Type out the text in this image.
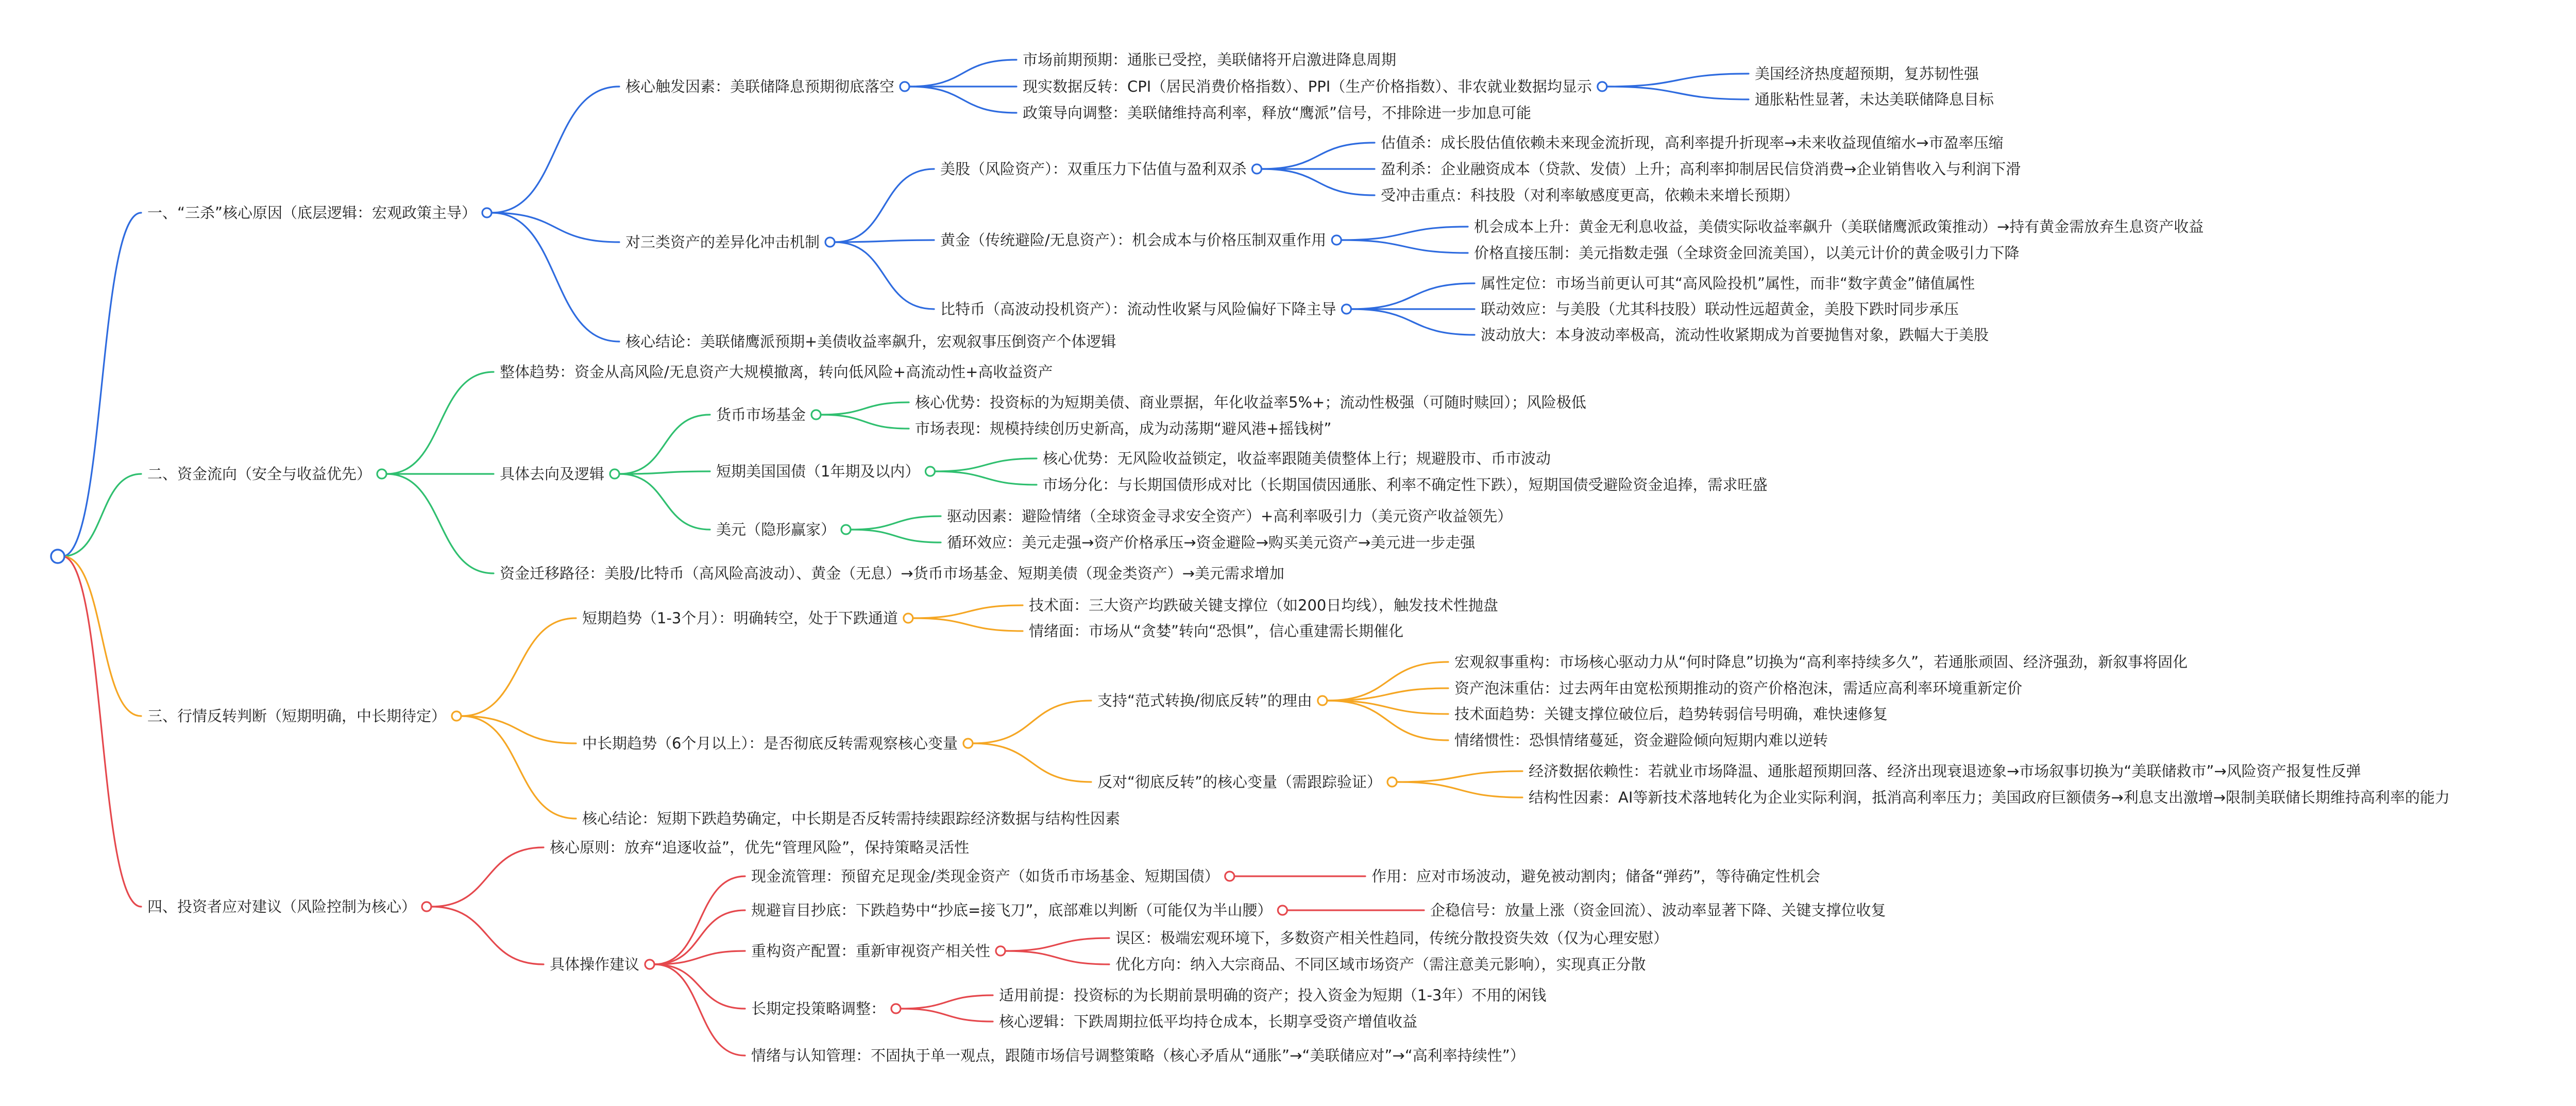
一、“三杀”核心原因（底层逻辑：宏观政策主导）
核心触发因素：美联储降息预期彻底落空
市场前期预期：通胀已受控，美联储将开启激进降息周期
现实数据反转：CPI（居民消费价格指数）、PPI（生产价格指数）、非农就业数据均显示
美国经济热度超预期，复苏韧性强
通胀粘性显著，未达美联储降息目标
政策导向调整：美联储维持高利率，释放“鹰派”信号，不排除进一步加息可能
对三类资产的差异化冲击机制
美股（风险资产）：双重压力下估值与盈利双杀
估值杀：成长股估值依赖未来现金流折现，高利率提升折现率→未来收益现值缩水→市盈率压缩
盈利杀：企业融资成本（贷款、发债）上升；高利率抑制居民信贷消费→企业销售收入与利润下滑
受冲击重点：科技股（对利率敏感度更高，依赖未来增长预期）
黄金（传统避险/无息资产）：机会成本与价格压制双重作用
机会成本上升：黄金无利息收益，美债实际收益率飙升（美联储鹰派政策推动）→持有黄金需放弃生息资产收益
价格直接压制：美元指数走强（全球资金回流美国），以美元计价的黄金吸引力下降
比特币（高波动投机资产）：流动性收紧与风险偏好下降主导
属性定位：市场当前更认可其“高风险投机”属性，而非“数字黄金”储值属性
联动效应：与美股（尤其科技股）联动性远超黄金，美股下跌时同步承压
波动放大：本身波动率极高，流动性收紧期成为首要抛售对象，跌幅大于美股
核心结论：美联储鹰派预期+美债收益率飙升，宏观叙事压倒资产个体逻辑
二、资金流向（安全与收益优先）
整体趋势：资金从高风险/无息资产大规模撤离，转向低风险+高流动性+高收益资产
具体去向及逻辑
货币市场基金
核心优势：投资标的为短期美债、商业票据，年化收益率5%+；流动性极强（可随时赎回）；风险极低
市场表现：规模持续创历史新高，成为动荡期“避风港+摇钱树”
短期美国国债（1年期及以内）
核心优势：无风险收益锁定，收益率跟随美债整体上行；规避股市、币市波动
市场分化：与长期国债形成对比（长期国债因通胀、利率不确定性下跌），短期国债受避险资金追捧，需求旺盛
美元（隐形赢家）
驱动因素：避险情绪（全球资金寻求安全资产）+高利率吸引力（美元资产收益领先）
循环效应：美元走强→资产价格承压→资金避险→购买美元资产→美元进一步走强
资金迁移路径：美股/比特币（高风险高波动）、黄金（无息）→货币市场基金、短期美债（现金类资产）→美元需求增加
三、行情反转判断（短期明确，中长期待定）
短期趋势（1-3个月）：明确转空，处于下跌通道
技术面：三大资产均跌破关键支撑位（如200日均线），触发技术性抛盘
情绪面：市场从“贪婪”转向“恐惧”，信心重建需长期催化
中长期趋势（6个月以上）：是否彻底反转需观察核心变量
支持“范式转换/彻底反转”的理由
宏观叙事重构：市场核心驱动力从“何时降息”切换为“高利率持续多久”，若通胀顽固、经济强劲，新叙事将固化
资产泡沫重估：过去两年由宽松预期推动的资产价格泡沫，需适应高利率环境重新定价
技术面趋势：关键支撑位破位后，趋势转弱信号明确，难快速修复
情绪惯性：恐惧情绪蔓延，资金避险倾向短期内难以逆转
反对“彻底反转”的核心变量（需跟踪验证）
经济数据依赖性：若就业市场降温、通胀超预期回落、经济出现衰退迹象→市场叙事切换为“美联储救市”→风险资产报复性反弹
结构性因素：AI等新技术落地转化为企业实际利润，抵消高利率压力；美国政府巨额债务→利息支出激增→限制美联储长期维持高利率的能力
核心结论：短期下跌趋势确定，中长期是否反转需持续跟踪经济数据与结构性因素
四、投资者应对建议（风险控制为核心）
核心原则：放弃“追逐收益”，优先“管理风险”，保持策略灵活性
具体操作建议
现金流管理：预留充足现金/类现金资产（如货币市场基金、短期国债）	作用：应对市场波动，避免被动割肉；储备“弹药”，等待确定性机会
规避盲目抄底：下跌趋势中“抄底=接飞刀”，底部难以判断（可能仅为半山腰）	企稳信号：放量上涨（资金回流）、波动率显著下降、关键支撑位收复
重构资产配置：重新审视资产相关性
误区：极端宏观环境下，多数资产相关性趋同，传统分散投资失效（仅为心理安慰）
优化方向：纳入大宗商品、不同区域市场资产（需注意美元影响），实现真正分散
长期定投策略调整：
适用前提：投资标的为长期前景明确的资产；投入资金为短期（1-3年）不用的闲钱
核心逻辑：下跌周期拉低平均持仓成本，长期享受资产增值收益
情绪与认知管理：不固执于单一观点，跟随市场信号调整策略（核心矛盾从“通胀”→“美联储应对”→“高利率持续性”）
